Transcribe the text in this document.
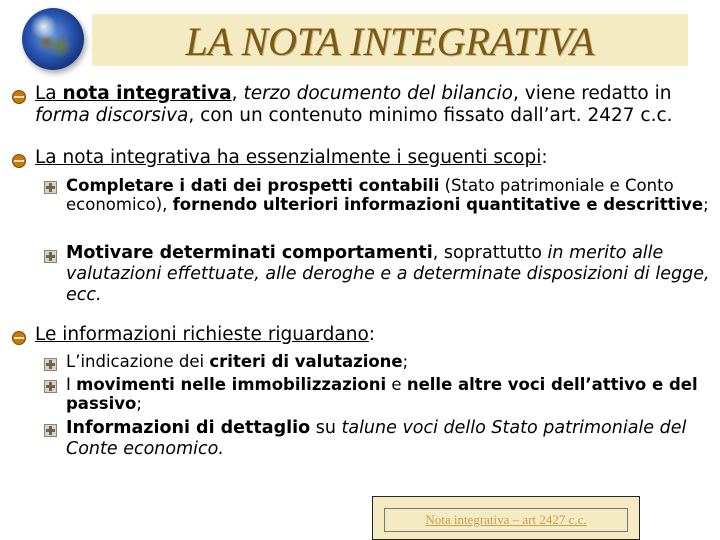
LA NOTA INTEGRATIVA
La nota integrativa, terzo documento del bilancio, viene redatto in forma discorsiva, con un contenuto minimo fissato dall’art. 2427 c.c.
La nota integrativa ha essenzialmente i seguenti scopi:
Completare i dati dei prospetti contabili (Stato patrimoniale e Conto economico), fornendo ulteriori informazioni quantitative e descrittive;
Motivare determinati comportamenti, soprattutto in merito alle valutazioni effettuate, alle deroghe e a determinate disposizioni di legge, ecc.
Le informazioni richieste riguardano:
L’indicazione dei criteri di valutazione;
I movimenti nelle immobilizzazioni e nelle altre voci dell’attivo e del passivo;
Informazioni di dettaglio su talune voci dello Stato patrimoniale del Conte economico.
Nota integrativa – art 2427 c.c.
